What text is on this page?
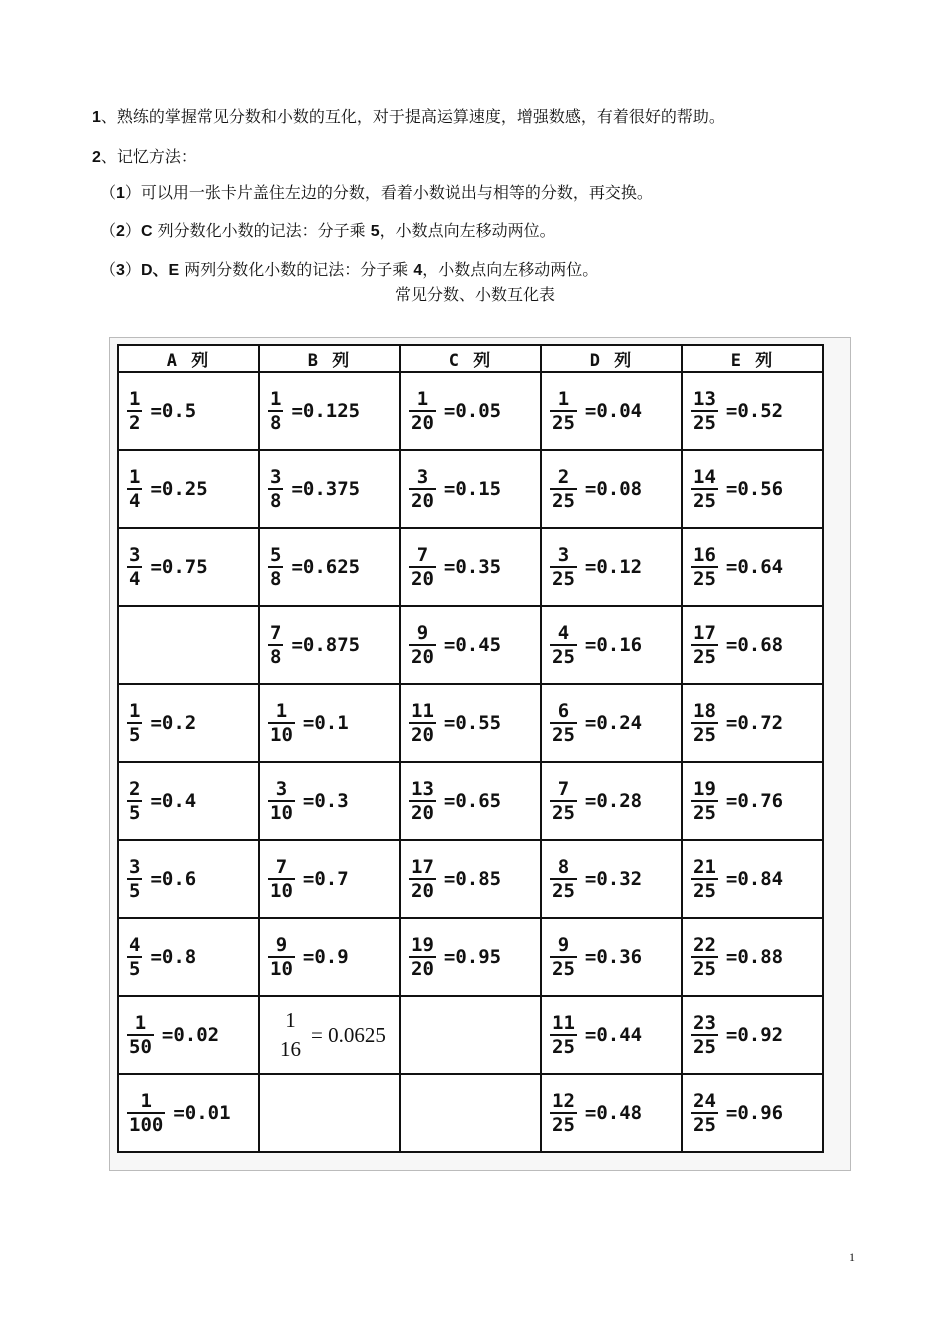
1、熟练的掌握常见分数和小数的互化，对于提高运算速度，增强数感，有着很好的帮助。
2、记忆方法：
（1）可以用一张卡片盖住左边的分数，看着小数说出与相等的分数，再交换。
（2）C 列分数化小数的记法：分子乘 5，小数点向左移动两位。
（3）D、E 两列分数化小数的记法：分子乘 4，小数点向左移动两位。
常见分数、小数互化表
A 列	B 列	C 列	D 列	E 列

$\frac{1}{2} =0.5$	$\frac{1}{8} =0.125$	$\frac{1}{20} =0.05$	$\frac{1}{25} =0.04$	$\frac{13}{25} =0.52$

$\frac{1}{4} =0.25$	$\frac{3}{8} =0.375$	$\frac{3}{20} =0.15$	$\frac{2}{25} =0.08$	$\frac{14}{25} =0.56$

$\frac{3}{4} =0.75$	$\frac{5}{8} =0.625$	$\frac{7}{20} =0.35$	$\frac{3}{25} =0.12$	$\frac{16}{25} =0.64$

	$\frac{7}{8} =0.875$	$\frac{9}{20} =0.45$	$\frac{4}{25} =0.16$	$\frac{17}{25} =0.68$

$\frac{1}{5} =0.2$	$\frac{1}{10} =0.1$	$\frac{11}{20} =0.55$	$\frac{6}{25} =0.24$	$\frac{18}{25} =0.72$

$\frac{2}{5} =0.4$	$\frac{3}{10} =0.3$	$\frac{13}{20} =0.65$	$\frac{7}{25} =0.28$	$\frac{19}{25} =0.76$

$\frac{3}{5} =0.6$	$\frac{7}{10} =0.7$	$\frac{17}{20} =0.85$	$\frac{8}{25} =0.32$	$\frac{21}{25} =0.84$

$\frac{4}{5} =0.8$	$\frac{9}{10} =0.9$	$\frac{19}{20} =0.95$	$\frac{9}{25} =0.36$	$\frac{22}{25} =0.88$

$\frac{1}{50} =0.02$	1
16
= 0.0625		$\frac{11}{25} =0.44$	$\frac{23}{25} =0.92$

$\frac{1}{100} =0.01$			$\frac{12}{25} =0.48$	$\frac{24}{25} =0.96$
1
